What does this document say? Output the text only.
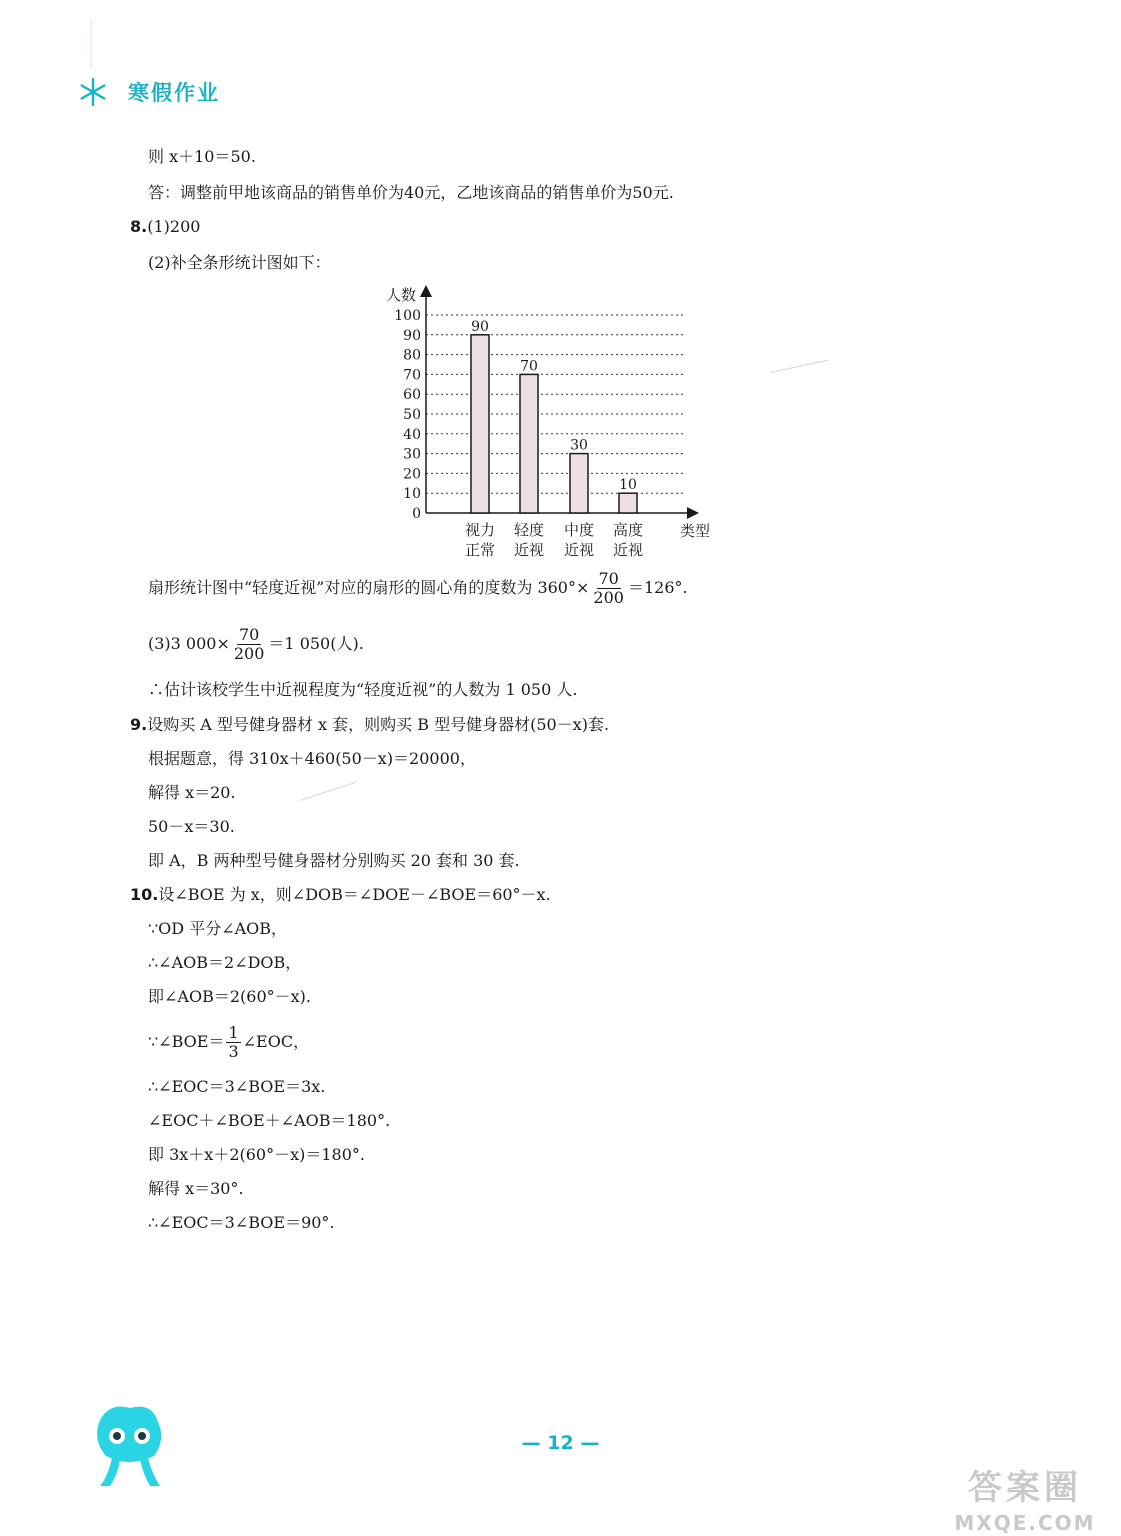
寒假作业
则 x＋10＝50.
答：调整前甲地该商品的销售单价为40元，乙地该商品的销售单价为50元.
8.(1)200
(2)补全条形统计图如下：
0
10
20
30
40
50
60
70
80
90
100
人数
类型
90
70
30
10
视力
正常
轻度
近视
中度
近视
高度
近视
扇形统计图中“轻度近视”对应的扇形的圆心角的度数为 $360^\circ\times \frac{70}{200} =126^\circ$.
(3)3 $000\times \frac{70}{200} =1$ 050(人).
∴估计该校学生中近视程度为“轻度近视”的人数为 1 050 人.
9.设购买 A 型号健身器材 x 套，则购买 B 型号健身器材(50－x)套.
根据题意，得 310x＋460(50－x)＝20000，
解得 x＝20.
50－x＝30.
即 A，B 两种型号健身器材分别购买 20 套和 30 套.
10.设∠BOE 为 x，则∠DOB＝∠DOE－∠BOE＝60°－x.
∵OD 平分∠AOB，
∴∠AOB＝2∠DOB，
即∠AOB＝2(60°－x).
∵∠BOE＝ $\frac{1}{3}$ ∠EOC，
∴∠EOC＝3∠BOE＝3x.
∠EOC＋∠BOE＋∠AOB＝180°.
即 3x＋x＋2(60°－x)＝180°.
解得 x＝30°.
∴∠EOC＝3∠BOE＝90°.
— 12 —
答案圈
MXQE.COM
